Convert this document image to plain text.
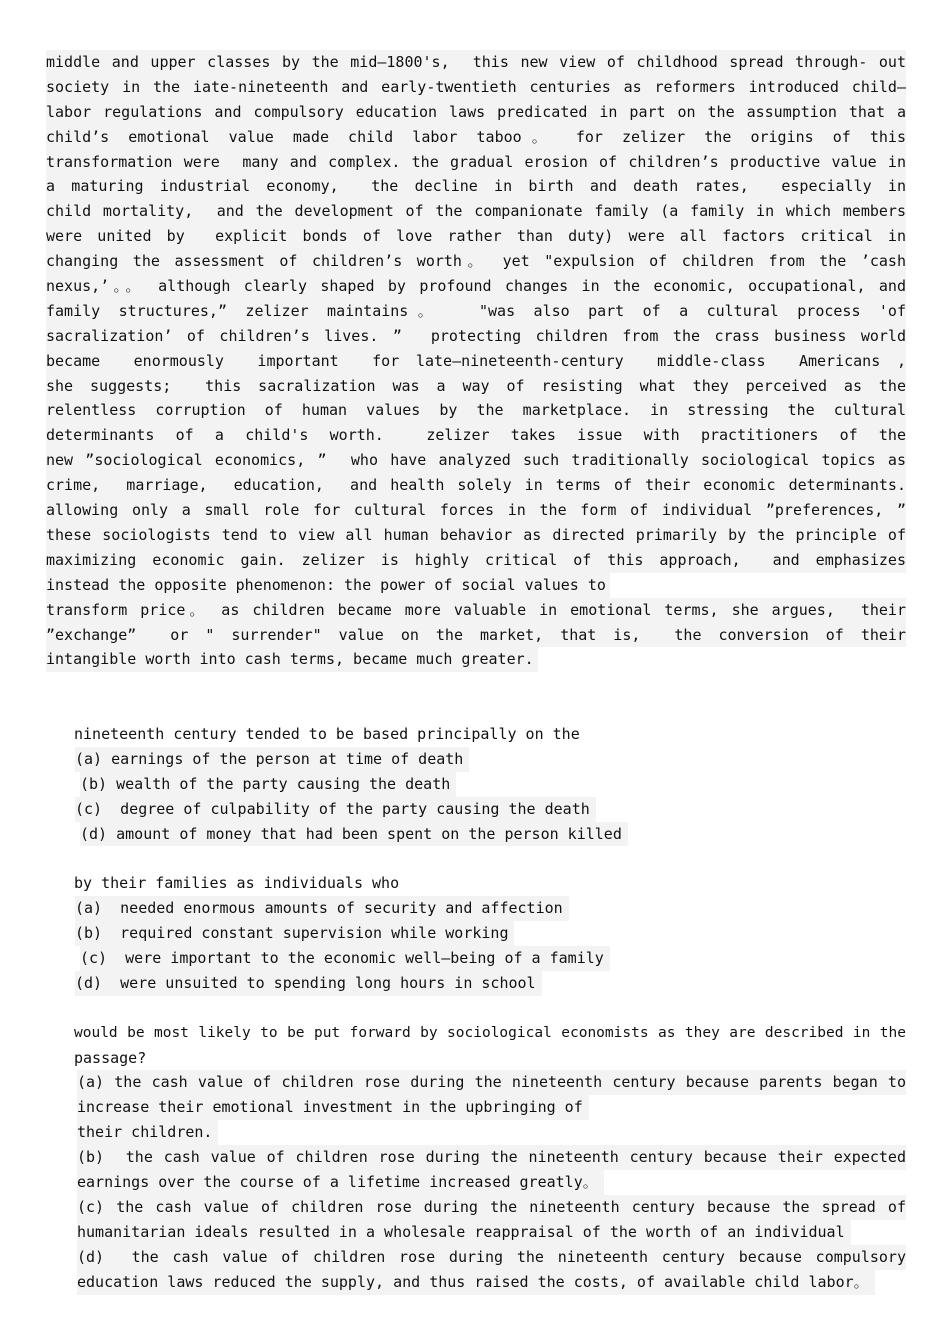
middle and upper classes by the mid—1800's,  this new view of childhood spread through- out
society in the iate-nineteenth and early-twentieth centuries as reformers introduced child—
labor regulations and compulsory education laws predicated in part on the assumption that a
child’s emotional value made child labor taboo。 for zelizer the origins of this
transformation were  many and complex. the gradual erosion of children’s productive value in
a maturing industrial economy,  the decline in birth and death rates,  especially in
child mortality,  and the development of the companionate family (a family in which members
were united by  explicit bonds of love rather than duty) were all factors critical in
changing the assessment of children’s worth。 yet "expulsion of children from the ’cash
nexus,’。。 although clearly shaped by profound changes in the economic, occupational, and
family structures,” zelizer maintains。  "was also part of a cultural process 'of
sacralization’ of children’s lives. ”  protecting children from the crass business world
became  enormously  important  for late—nineteenth-century  middle-class  Americans ,
she suggests;  this sacralization was a way of resisting what they perceived as the
relentless corruption of human values by the marketplace. in stressing the cultural
determinants of a child's worth.  zelizer takes issue with practitioners of the
new ”sociological economics, ”  who have analyzed such traditionally sociological topics as
crime,  marriage,  education,  and health solely in terms of their economic determinants.
allowing only a small role for cultural forces in the form of individual ”preferences, ”
these sociologists tend to view all human behavior as directed primarily by the principle of
maximizing economic gain. zelizer is highly critical of this approach,  and emphasizes
instead the opposite phenomenon: the power of social values to
transform price。 as children became more valuable in emotional terms, she argues,  their
”exchange”  or " surrender" value on the market, that is,  the conversion of their
intangible worth into cash terms, became much greater.

nineteenth century tended to be based principally on the
(a) earnings of the person at time of death
(b) wealth of the party causing the death
(c)  degree of culpability of the party causing the death
(d) amount of money that had been spent on the person killed

by their families as individuals who
(a)  needed enormous amounts of security and affection
(b)  required constant supervision while working
(c)  were important to the economic well—being of a family
(d)  were unsuited to spending long hours in school

would be most likely to be put forward by sociological economists as they are described in the
passage?
(a) the cash value of children rose during the nineteenth century because parents began to
increase their emotional investment in the upbringing of
their children.
(b)  the cash value of children rose during the nineteenth century because their expected
earnings over the course of a lifetime increased greatly。
(c) the cash value of children rose during the nineteenth century because the spread of
humanitarian ideals resulted in a wholesale reappraisal of the worth of an individual
(d)  the cash value of children rose during the nineteenth century because compulsory
education laws reduced the supply, and thus raised the costs, of available child labor。
